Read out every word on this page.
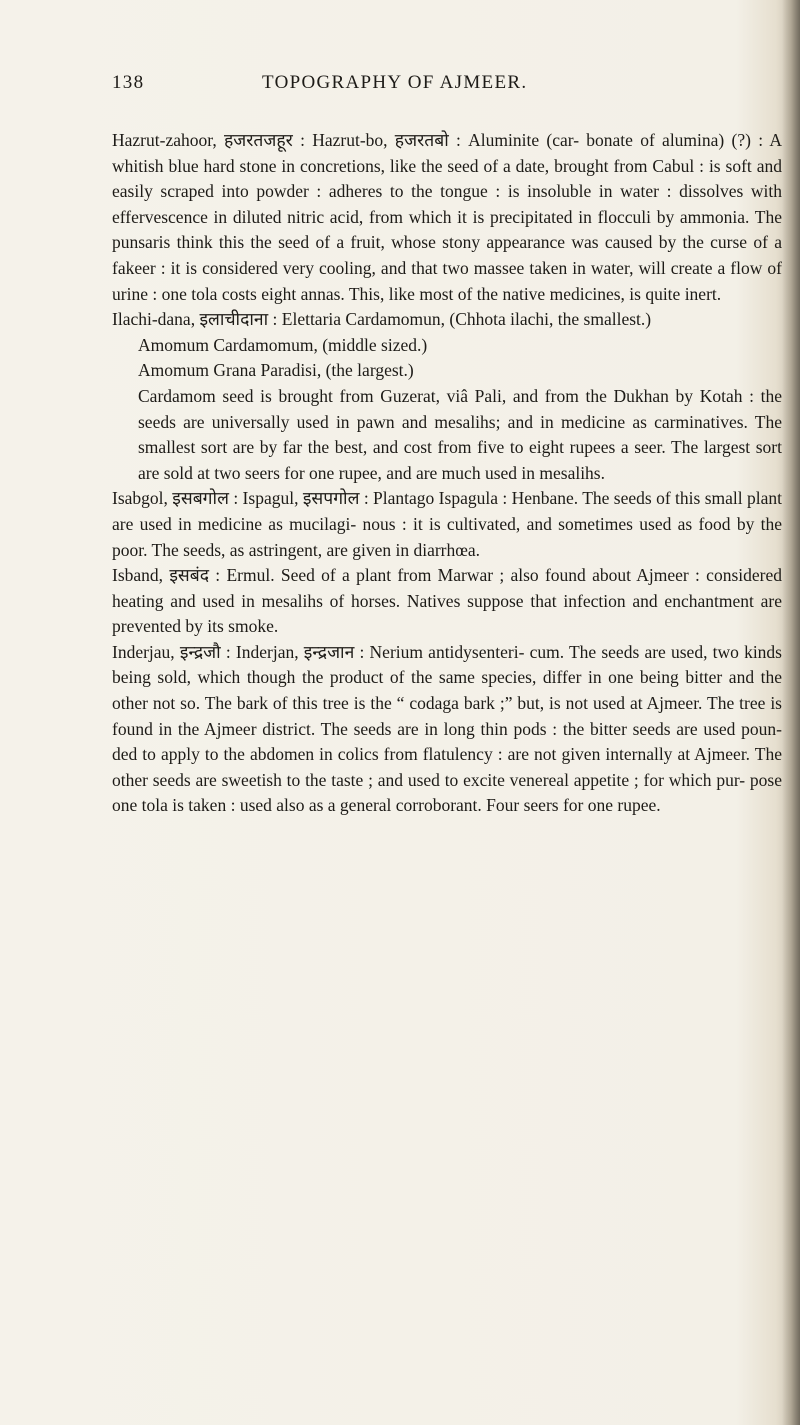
138	TOPOGRAPHY OF AJMEER.

Hazrut-zahoor, हजरतजहूर : Hazrut-bo, हजरतबो : Aluminite (car- bonate of alumina) (?) : A whitish blue hard stone in concretions, like the seed of a date, brought from Cabul : is soft and easily scraped into powder : adheres to the tongue : is insoluble in water : dissolves with effervescence in diluted nitric acid, from which it is precipitated in flocculi by ammonia. The punsaris think this the seed of a fruit, whose stony appearance was caused by the curse of a fakeer : it is considered very cooling, and that two massee taken in water, will create a flow of urine : one tola costs eight annas. This, like most of the native medicines, is quite inert.

Ilachi-dana, इलाचीदाना : Elettaria Cardamomun, (Chhota ilachi, the smallest.)

Amomum Cardamomum, (middle sized.)

Amomum Grana Paradisi, (the largest.)

Cardamom seed is brought from Guzerat, viâ Pali, and from the Dukhan by Kotah : the seeds are universally used in pawn and mesalihs; and in medicine as carminatives. The smallest sort are by far the best, and cost from five to eight rupees a seer. The largest sort are sold at two seers for one rupee, and are much used in mesalihs.

Isabgol, इसबगोल : Ispagul, इसपगोल : Plantago Ispagula : Henbane. The seeds of this small plant are used in medicine as mucilagi- nous : it is cultivated, and sometimes used as food by the poor. The seeds, as astringent, are given in diarrhœa.

Isband, इसबंद : Ermul. Seed of a plant from Marwar ; also found about Ajmeer : considered heating and used in mesalihs of horses. Natives suppose that infection and enchantment are prevented by its smoke.

Inderjau, इन्द्रजौ : Inderjan, इन्द्रजान : Nerium antidysenteri- cum. The seeds are used, two kinds being sold, which though the product of the same species, differ in one being bitter and the other not so. The bark of this tree is the “ codaga bark ;” but, is not used at Ajmeer. The tree is found in the Ajmeer district. The seeds are in long thin pods : the bitter seeds are used poun- ded to apply to the abdomen in colics from flatulency : are not given internally at Ajmeer. The other seeds are sweetish to the taste ; and used to excite venereal appetite ; for which pur- pose one tola is taken : used also as a general corroborant. Four seers for one rupee.
